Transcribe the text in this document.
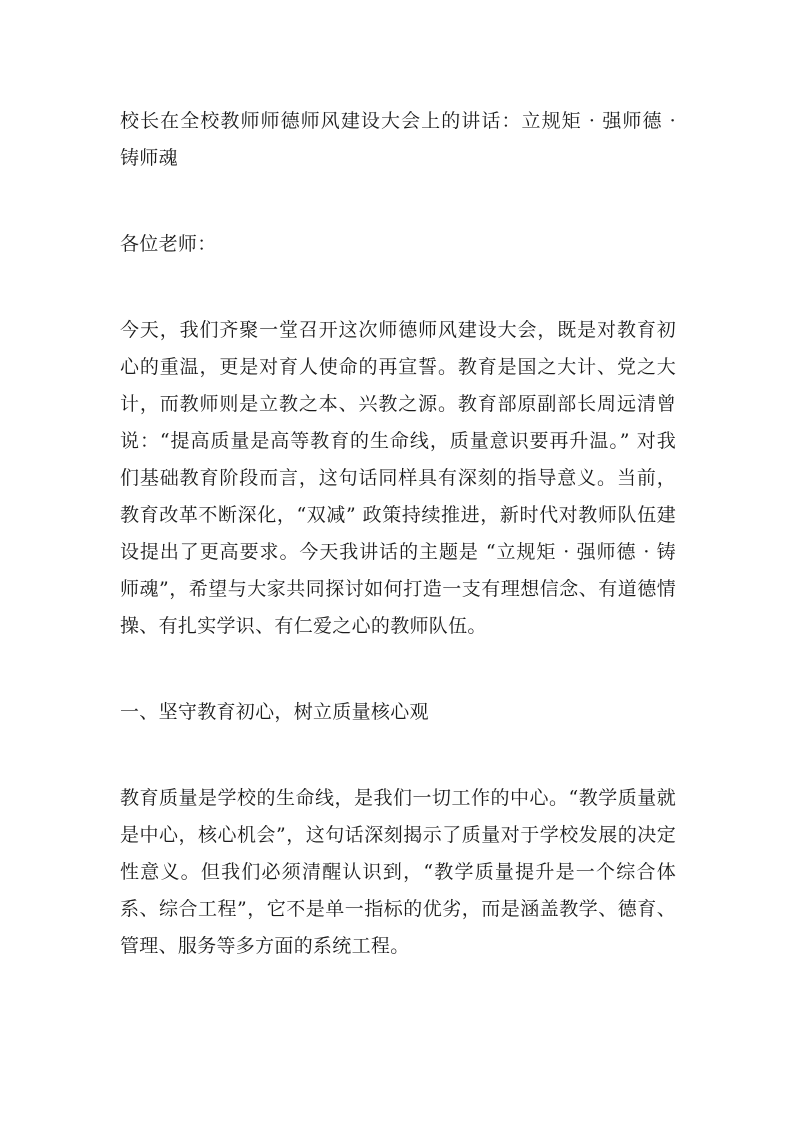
校长在全校教师师德师风建设大会上的讲话：立规矩 · 强师德 · 铸师魂

各位老师：

今天，我们齐聚一堂召开这次师德师风建设大会，既是对教育初心的重温，更是对育人使命的再宣誓。教育是国之大计、党之大计，而教师则是立教之本、兴教之源。教育部原副部长周远清曾说：“提高质量是高等教育的生命线，质量意识要再升温。” 对我们基础教育阶段而言，这句话同样具有深刻的指导意义。当前，教育改革不断深化，“双减” 政策持续推进，新时代对教师队伍建设提出了更高要求。今天我讲话的主题是 “立规矩 · 强师德 · 铸师魂”，希望与大家共同探讨如何打造一支有理想信念、有道德情操、有扎实学识、有仁爱之心的教师队伍。

一、坚守教育初心，树立质量核心观

教育质量是学校的生命线，是我们一切工作的中心。“教学质量就是中心，核心机会”，这句话深刻揭示了质量对于学校发展的决定性意义。但我们必须清醒认识到，“教学质量提升是一个综合体系、综合工程”，它不是单一指标的优劣，而是涵盖教学、德育、管理、服务等多方面的系统工程。
